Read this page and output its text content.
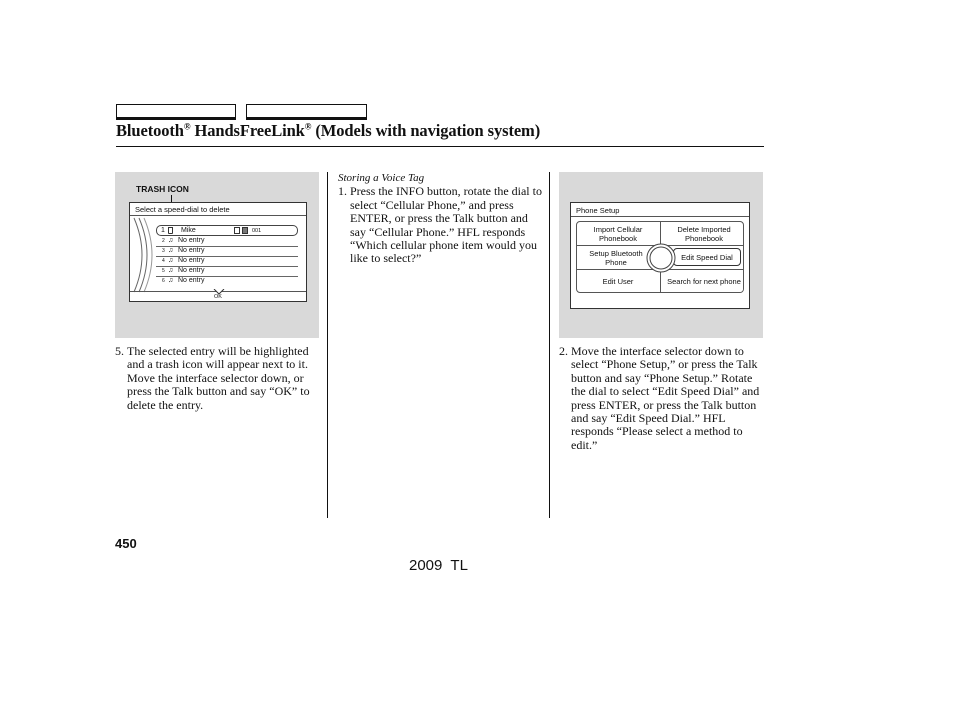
Bluetooth® HandsFreeLink® (Models with navigation system)
TRASH ICON
Select a speed-dial to delete
1 Mike	001
2 ♫ No entry
3 ♫ No entry
4 ♫ No entry
5 ♫ No entry
6 ♫ No entry
OK
5. The selected entry will be highlighted and a trash icon will appear next to it. Move the interface selector down, or press the Talk button and say “OK” to delete the entry.

Storing a Voice Tag

1. Press the INFO button, rotate the dial to select “Cellular Phone,” and press ENTER, or press the Talk button and say “Cellular Phone.” HFL responds “Which cellular phone item would you like to select?”
Phone Setup
Import Cellular Phonebook
Delete Imported Phonebook
Setup Bluetooth Phone
Edit Speed Dial
Edit User	Search for next phone
2. Move the interface selector down to select “Phone Setup,” or press the Talk button and say “Phone Setup.” Rotate the dial to select “Edit Speed Dial” and press ENTER, or press the Talk button and say “Edit Speed Dial.” HFL responds “Please select a method to edit.”
450
2009  TL
